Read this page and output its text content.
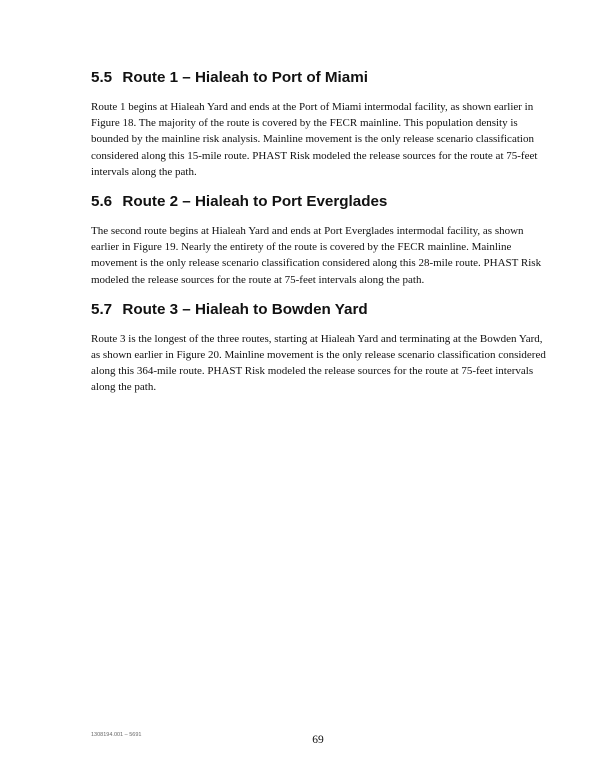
5.5 Route 1 – Hialeah to Port of Miami

Route 1 begins at Hialeah Yard and ends at the Port of Miami intermodal facility, as shown earlier in Figure 18. The majority of the route is covered by the FECR mainline. This population density is bounded by the mainline risk analysis. Mainline movement is the only release scenario classification considered along this 15-mile route. PHAST Risk modeled the release sources for the route at 75-feet intervals along the path.

5.6 Route 2 – Hialeah to Port Everglades

The second route begins at Hialeah Yard and ends at Port Everglades intermodal facility, as shown earlier in Figure 19. Nearly the entirety of the route is covered by the FECR mainline. Mainline movement is the only release scenario classification considered along this 28-mile route. PHAST Risk modeled the release sources for the route at 75-feet intervals along the path.

5.7 Route 3 – Hialeah to Bowden Yard

Route 3 is the longest of the three routes, starting at Hialeah Yard and terminating at the Bowden Yard, as shown earlier in Figure 20. Mainline movement is the only release scenario classification considered along this 364-mile route. PHAST Risk modeled the release sources for the route at 75-feet intervals along the path.

1308194.001 – 5691	69
